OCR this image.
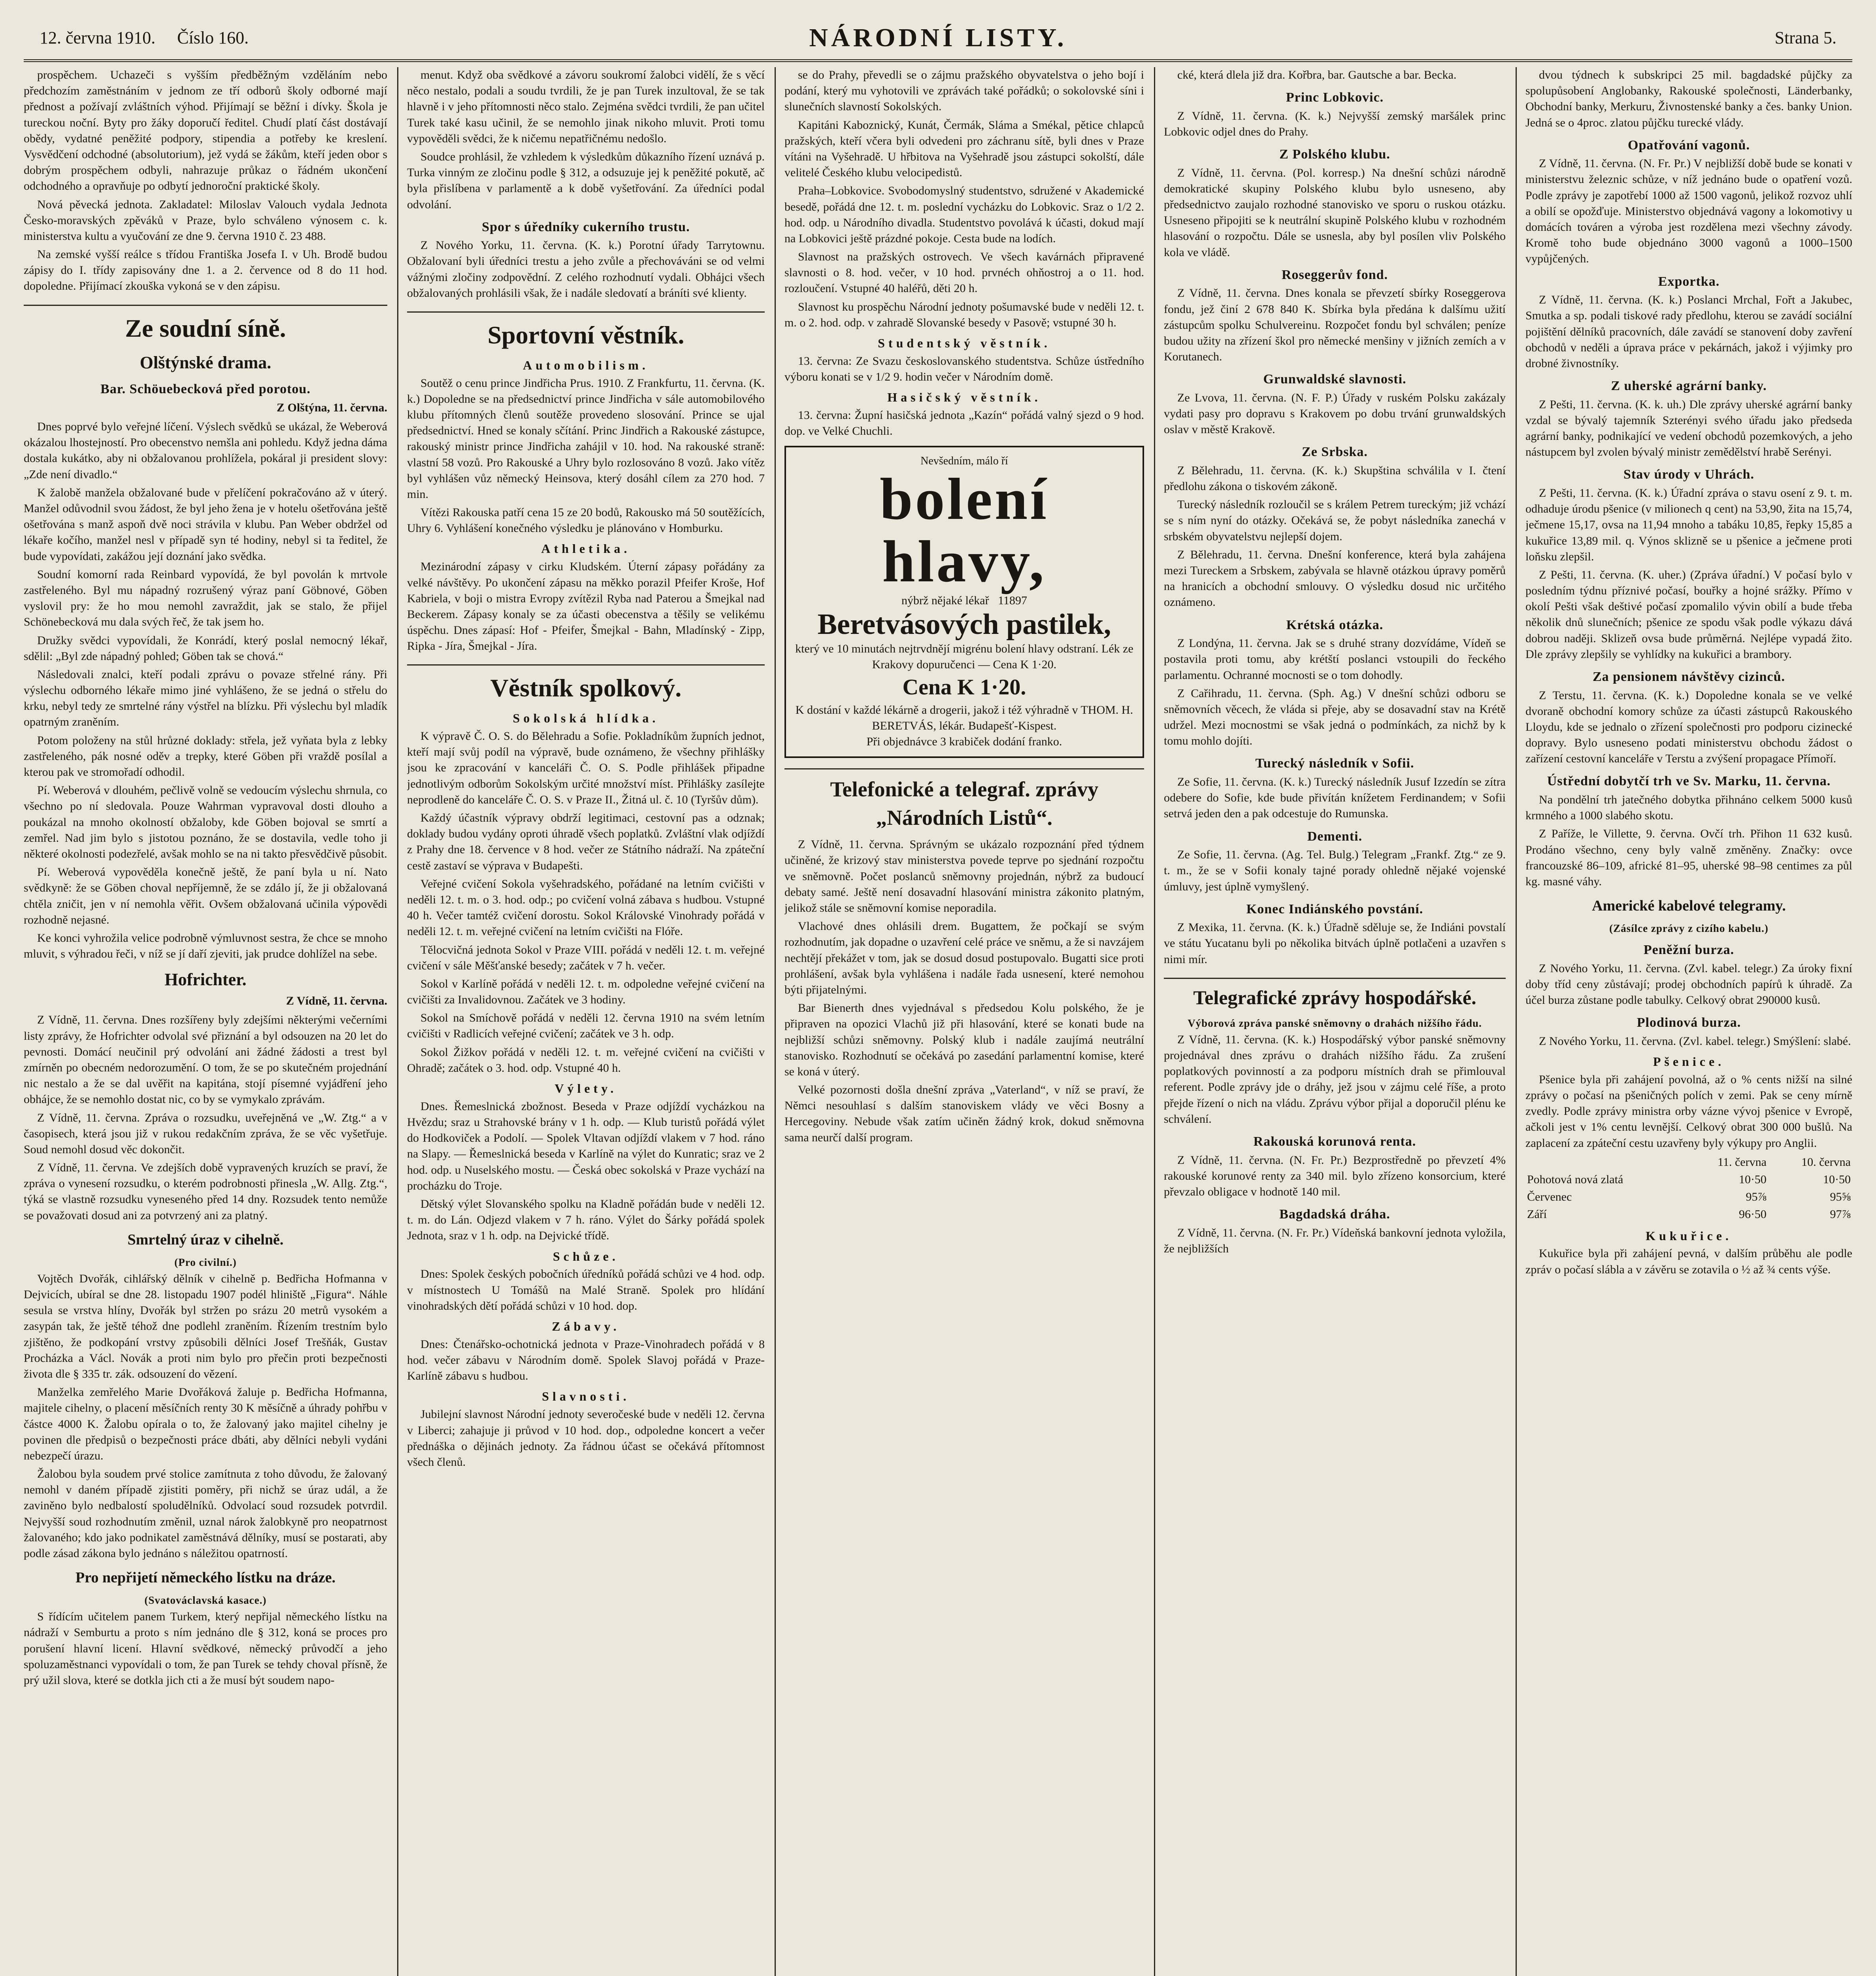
12. června 1910. Číslo 160.	NÁRODNÍ LISTY.	Strana 5.

prospěchem. Uchazeči s vyšším předběžným vzděláním nebo předchozím zaměstnáním v jednom ze tří odborů školy odborné mají přednost a požívají zvláštních výhod. Přijímají se běžní i dívky. Škola je tureckou noční. Byty pro žáky doporučí ředitel. Chudí platí část dostávají obědy, vydatné peněžité podpory, stipendia a potřeby ke kreslení. Vysvědčení odchodné (absolutorium), jež vydá se žákům, kteří jeden obor s dobrým prospěchem odbyli, nahrazuje průkaz o řádném ukončení odchodného a opravňuje po odbytí jednoroční praktické školy.

Nová pěvecká jednota. Zakladatel: Miloslav Valouch vydala Jednota Česko-moravských zpěváků v Praze, bylo schváleno výnosem c. k. ministerstva kultu a vyučování ze dne 9. června 1910 č. 23 488.

Na zemské vyšší reálce s třídou Františka Josefa I. v Uh. Brodě budou zápisy do I. třídy zapisovány dne 1. a 2. července od 8 do 11 hod. dopoledne. Přijímací zkouška vykoná se v den zápisu.

Ze soudní síně.
Olštýnské drama.
Bar. Schöuebecková před porotou.
Z Olštýna, 11. června.

Dnes poprvé bylo veřejné líčení. Výslech svědků se ukázal, že Weberová okázalou lhostejností. Pro obecenstvo nemšla ani pohledu. Když jedna dáma dostala kukátko, aby ni obžalovanou prohlížela, pokáral ji president slovy: „Zde není divadlo.“

K žalobě manžela obžalované bude v přelíčení pokračováno až v úterý. Manžel odůvodnil svou žádost, že byl jeho žena je v hotelu ošetřována ještě ošetřována s manž aspoň dvě noci strávila v klubu. Pan Weber obdržel od lékaře kočího, manžel nesl v případě syn té hodiny, nebyl si ta ředitel, že bude vypovídati, zakážou její doznání jako svědka.

Soudní komorní rada Reinbard vypovídá, že byl povolán k mrtvole zastřeleného. Byl mu nápadný rozrušený výraz paní Göbnové, Göben vyslovil pry: že ho mou nemohl zavraždit, jak se stalo, že přijel Schönebecková mu dala svých řeč, že tak jsem ho.

Družky svědci vypovídali, že Konrádí, který poslal nemocný lékař, sdělil: „Byl zde nápadný pohled; Göben tak se chová.“

Následovali znalci, kteří podali zprávu o povaze střelné rány. Při výslechu odborného lékaře mimo jiné vyhlášeno, že se jedná o střelu do krku, nebyl tedy ze smrtelné rány výstřel na blízku. Při výslechu byl mladík opatrným zraněním.

Potom položeny na stůl hrůzné doklady: střela, jež vyňata byla z lebky zastřeleného, pák nosné oděv a trepky, které Göben při vraždě posílal a kterou pak ve stromořadí odhodil.

Pí. Weberová v dlouhém, pečlivě volně se vedoucím výslechu shrnula, co všechno po ní sledovala. Pouze Wahrman vypravoval dosti dlouho a poukázal na mnoho okolností obžaloby, kde Göben bojoval se smrtí a zemřel. Nad jim bylo s jistotou poznáno, že se dostavila, vedle toho ji některé okolnosti podezřelé, avšak mohlo se na ni takto přesvědčivě působit.

Pí. Weberová vypověděla konečně ještě, že paní byla u ní. Nato svědkyně: že se Göben choval nepříjemně, že se zdálo jí, že ji obžalovaná chtěla zničit, jen v ní nemohla věřit. Ovšem obžalovaná učinila výpovědi rozhodně nejasné.

Ke konci vyhrožila velice podrobně výmluvnost sestra, že chce se mnoho mluvit, s výhradou řeči, v níž se jí daří zjeviti, jak prudce dohlížel na sebe.

Hofrichter.
Z Vídně, 11. června.

Z Vídně, 11. června. Dnes rozšířeny byly zdejšími některými večerními listy zprávy, že Hofrichter odvolal své přiznání a byl odsouzen na 20 let do pevnosti. Domácí neučinil prý odvolání ani žádné žádosti a trest byl zmírněn po obecném nedorozumění. O tom, že se po skutečném projednání nic nestalo a že se dal uvěřit na kapitána, stojí písemné vyjádření jeho obhájce, že se nemohlo dostat nic, co by se vymykalo zprávám.

Z Vídně, 11. června. Zpráva o rozsudku, uveřejněná ve „W. Ztg.“ a v časopisech, která jsou již v rukou redakčním zpráva, že se věc vyšetřuje. Soud nemohl dosud věc dokončit.

Z Vídně, 11. června. Ve zdejších době vypravených kruzích se praví, že zpráva o vynesení rozsudku, o kterém podrobnosti přinesla „W. Allg. Ztg.“, týká se vlastně rozsudku vyneseného před 14 dny. Rozsudek tento nemůže se považovati dosud ani za potvrzený ani za platný.

Smrtelný úraz v cihelně.
(Pro civilní.)

Vojtěch Dvořák, cihlářský dělník v cihelně p. Bedřicha Hofmanna v Dejvicích, ubíral se dne 28. listopadu 1907 podél hliniště „Figura“. Náhle sesula se vrstva hlíny, Dvořák byl stržen po srázu 20 metrů vysokém a zasypán tak, že ještě téhož dne podlehl zraněním. Řízením trestním bylo zjištěno, že podkopání vrstvy způsobili dělníci Josef Trešňák, Gustav Procházka a Václ. Novák a proti nim bylo pro přečin proti bezpečnosti života dle § 335 tr. zák. odsouzení do vězení.

Manželka zemřelého Marie Dvořáková žaluje p. Bedřicha Hofmanna, majitele cihelny, o placení měsíčních renty 30 K měsíčně a úhrady pohřbu v částce 4000 K. Žalobu opírala o to, že žalovaný jako majitel cihelny je povinen dle předpisů o bezpečnosti práce dbáti, aby dělníci nebyli vydáni nebezpečí úrazu.

Žalobou byla soudem prvé stolice zamítnuta z toho důvodu, že žalovaný nemohl v daném případě zjistiti poměry, při nichž se úraz udál, a že zaviněno bylo nedbalostí spoludělníků. Odvolací soud rozsudek potvrdil. Nejvyšší soud rozhodnutím změnil, uznal nárok žalobkyně pro neopatrnost žalovaného; kdo jako podnikatel zaměstnává dělníky, musí se postarati, aby podle zásad zákona bylo jednáno s náležitou opatrností.

Pro nepřijetí německého lístku na dráze.
(Svatováclavská kasace.)

S řídícím učitelem panem Turkem, který nepřijal německého lístku na nádraží v Semburtu a proto s ním jednáno dle § 312, koná se proces pro porušení hlavní licení. Hlavní svědkové, německý průvodčí a jeho spoluzaměstnanci vypovídali o tom, že pan Turek se tehdy choval přísně, že prý užil slova, které se dotkla jich cti a že musí být soudem napo-

menut. Když oba svědkové a závoru soukromí žalobci vidělí, že s věcí něco nestalo, podali a soudu tvrdili, že je pan Turek inzultoval, že se tak hlavně i v jeho přítomnosti něco stalo. Zejména svědci tvrdili, že pan učitel Turek také kasu učinil, že se nemohlo jinak nikoho mluvit. Proti tomu vypověděli svědci, že k ničemu nepatřičnému nedošlo.

Soudce prohlásil, že vzhledem k výsledkům důkazního řízení uznává p. Turka vinným ze zločinu podle § 312, a odsuzuje jej k peněžité pokutě, ač byla přislíbena v parlamentě a k době vyšetřování. Za úředníci podal odvolání.

Spor s úředníky cukerního trustu.

Z Nového Yorku, 11. června. (K. k.) Porotní úřady Tarrytownu. Obžalovaní byli úředníci trestu a jeho zvůle a přechováváni se od velmi vážnými zločiny zodpovědní. Z celého rozhodnutí vydali. Obhájci všech obžalovaných prohlásili však, že i nadále sledovatí a bráníti své klienty.

Sportovní věstník.
Automobilism.

Soutěž o cenu prince Jindřicha Prus. 1910. Z Frankfurtu, 11. června. (K. k.) Dopoledne se na předsednictví prince Jindřicha v sále automobilového klubu přítomných členů soutěže provedeno slosování. Prince se ujal předsednictví. Hned se konaly sčítání. Princ Jindřich a Rakouské zástupce, rakouský ministr prince Jindřicha zahájil v 10. hod. Na rakouské straně: vlastní 58 vozů. Pro Rakouské a Uhry bylo rozlosováno 8 vozů. Jako vítěz byl vyhlášen vůz německý Heinsova, který dosáhl cílem za 270 hod. 7 min.

Vítězi Rakouska patří cena 15 ze 20 bodů, Rakousko má 50 soutěžících, Uhry 6. Vyhlášení konečného výsledku je plánováno v Homburku.

Athletika.

Mezinárodní zápasy v cirku Kludském. Úterní zápasy pořádány za velké návštěvy. Po ukončení zápasu na měkko porazil Pfeifer Kroše, Hof Kabriela, v boji o mistra Evropy zvítězil Ryba nad Paterou a Šmejkal nad Beckerem. Zápasy konaly se za účasti obecenstva a těšily se velikému úspěchu. Dnes zápasí: Hof - Pfeifer, Šmejkal - Bahn, Mladínský - Zipp, Ripka - Jíra, Šmejkal - Jíra.

Věstník spolkový.
Sokolská hlídka.

K výpravě Č. O. S. do Bělehradu a Sofie. Pokladníkům župních jednot, kteří mají svůj podíl na výpravě, bude oznámeno, že všechny přihlášky jsou ke zpracování v kanceláři Č. O. S. Podle přihlášek připadne jednotlivým odborům Sokolským určité množství míst. Přihlášky zasílejte neprodleně do kanceláře Č. O. S. v Praze II., Žitná ul. č. 10 (Tyršův dům).

Každý účastník výpravy obdrží legitimaci, cestovní pas a odznak; doklady budou vydány oproti úhradě všech poplatků. Zvláštní vlak odjíždí z Prahy dne 18. července v 8 hod. večer ze Státního nádraží. Na zpáteční cestě zastaví se výprava v Budapešti.

Veřejné cvičení Sokola vyšehradského, pořádané na letním cvičišti v neděli 12. t. m. o 3. hod. odp.; po cvičení volná zábava s hudbou. Vstupné 40 h. Večer tamtéž cvičení dorostu. Sokol Královské Vinohrady pořádá v neděli 12. t. m. veřejné cvičení na letním cvičišti na Flóře.

Tělocvičná jednota Sokol v Praze VIII. pořádá v neděli 12. t. m. veřejné cvičení v sále Měšťanské besedy; začátek v 7 h. večer.

Sokol v Karlíně pořádá v neděli 12. t. m. odpoledne veřejné cvičení na cvičišti za Invalidovnou. Začátek ve 3 hodiny.

Sokol na Smíchově pořádá v neděli 12. června 1910 na svém letním cvičišti v Radlicích veřejné cvičení; začátek ve 3 h. odp.

Sokol Žižkov pořádá v neděli 12. t. m. veřejné cvičení na cvičišti v Ohradě; začátek o 3. hod. odp. Vstupné 40 h.

Výlety.

Dnes. Řemeslnická zbožnost. Beseda v Praze odjíždí vycházkou na Hvězdu; sraz u Strahovské brány v 1 h. odp. — Klub turistů pořádá výlet do Hodkoviček a Podolí. — Spolek Vltavan odjíždí vlakem v 7 hod. ráno na Slapy. — Řemeslnická beseda v Karlíně na výlet do Kunratic; sraz ve 2 hod. odp. u Nuselského mostu. — Česká obec sokolská v Praze vychází na procházku do Troje.

Dětský výlet Slovanského spolku na Kladně pořádán bude v neděli 12. t. m. do Lán. Odjezd vlakem v 7 h. ráno. Výlet do Šárky pořádá spolek Jednota, sraz v 1 h. odp. na Dejvické třídě.

Schůze.

Dnes: Spolek českých pobočních úředníků pořádá schůzi ve 4 hod. odp. v místnostech U Tomášů na Malé Straně. Spolek pro hlídání vinohradských dětí pořádá schůzi v 10 hod. dop.

Zábavy.

Dnes: Čtenářsko-ochotnická jednota v Praze-Vinohradech pořádá v 8 hod. večer zábavu v Národním domě. Spolek Slavoj pořádá v Praze-Karlíně zábavu s hudbou.

Slavnosti.

Jubilejní slavnost Národní jednoty severočeské bude v neděli 12. června v Liberci; zahajuje ji průvod v 10 hod. dop., odpoledne koncert a večer přednáška o dějinách jednoty. Za řádnou účast se očekává přítomnost všech členů.

se do Prahy, převedli se o zájmu pražského obyvatelstva o jeho bojí i podání, který mu vyhotovili ve zprávách také pořádků; o sokolovské síni i slunečních slavností Sokolských.

Kapitáni Kaboznický, Kunát, Čermák, Sláma a Smékal, pětice chlapců pražských, kteří včera byli odvedeni pro záchranu sítě, byli dnes v Praze vítáni na Vyšehradě. U hřbitova na Vyšehradě jsou zástupci sokolští, dále velitelé Českého klubu velocipedistů.

Praha–Lobkovice. Svobodomyslný studentstvo, sdružené v Akademické besedě, pořádá dne 12. t. m. poslední vycházku do Lobkovic. Sraz o 1/2 2. hod. odp. u Národního divadla. Studentstvo povolává k účasti, dokud mají na Lobkovici ještě prázdné pokoje. Cesta bude na lodích.

Slavnost na pražských ostrovech. Ve všech kavárnách připravené slavnosti o 8. hod. večer, v 10 hod. prvnéch ohňostroj a o 11. hod. rozloučení. Vstupné 40 haléřů, děti 20 h.

Slavnost ku prospěchu Národní jednoty pošumavské bude v neděli 12. t. m. o 2. hod. odp. v zahradě Slovanské besedy v Pasově; vstupné 30 h.

Studentský věstník.

13. června: Ze Svazu českoslovanského studentstva. Schůze ústředního výboru konati se v 1/2 9. hodin večer v Národním domě.

Hasičský věstník.

13. června: Župní hasičská jednota „Kazín“ pořádá valný sjezd o 9 hod. dop. ve Velké Chuchli.

Nevšedním, málo ří
bolení hlavy,
nýbrž nějaké lékař 11897
Beretvásových pastilek,
který ve 10 minutách nejtrvdnějí migrénu bolení hlavy odstraní. Lék ze Krakovy dopuručenci — Cena K 1·20.
Cena K 1·20.
K dostání v každé lékárně a drogerii, jakož i též výhradně v THOM. H. BERETVÁS, lékár. Budapešť-Kispest.
Při objednávce 3 krabiček dodání franko.
Telefonické a telegraf. zprávy „Národních Listů“.

Z Vídně, 11. června. Správným se ukázalo rozpoznání před týdnem učiněné, že krizový stav ministerstva povede teprve po sjednání rozpočtu ve sněmovně. Počet poslanců sněmovny projednán, nýbrž za budoucí debaty samé. Ještě není dosavadní hlasování ministra zákonito platným, jelikož stále se sněmovní komise neporadila.

Vlachové dnes ohlásili drem. Bugattem, že počkají se svým rozhodnutím, jak dopadne o uzavření celé práce ve sněmu, a že si navzájem nechtějí překážet v tom, jak se dosud dosud postupovalo. Bugatti sice proti prohlášení, avšak byla vyhlášena i nadále řada usnesení, které nemohou býti přijatelnými.

Bar Bienerth dnes vyjednával s předsedou Kolu polského, že je připraven na opozici Vlachů již při hlasování, které se konati bude na nejbližší schůzi sněmovny. Polský klub i nadále zaujímá neutrální stanovisko. Rozhodnutí se očekává po zasedání parlamentní komise, které se koná v úterý.

Velké pozornosti došla dnešní zpráva „Vaterland“, v níž se praví, že Němci nesouhlasí s dalším stanoviskem vlády ve věci Bosny a Hercegoviny. Nebude však zatím učiněn žádný krok, dokud sněmovna sama neurčí další program.

cké, která dlela již dra. Kořbra, bar. Gautsche a bar. Becka.

Princ Lobkovic.

Z Vídně, 11. června. (K. k.) Nejvyšší zemský maršálek princ Lobkovic odjel dnes do Prahy.

Z Polského klubu.

Z Vídně, 11. června. (Pol. korresp.) Na dnešní schůzi národně demokratické skupiny Polského klubu bylo usneseno, aby předsednictvo zaujalo rozhodné stanovisko ve sporu o ruskou otázku. Usneseno připojiti se k neutrální skupině Polského klubu v rozhodném hlasování o rozpočtu. Dále se usnesla, aby byl posílen vliv Polského kola ve vládě.

Roseggerův fond.

Z Vídně, 11. června. Dnes konala se převzetí sbírky Roseggerova fondu, jež činí 2 678 840 K. Sbírka byla předána k dalšímu užití zástupcům spolku Schulvereinu. Rozpočet fondu byl schválen; peníze budou užity na zřízení škol pro německé menšiny v jižních zemích a v Korutanech.

Grunwaldské slavnosti.

Ze Lvova, 11. června. (N. F. P.) Úřady v ruském Polsku zakázaly vydati pasy pro dopravu s Krakovem po dobu trvání grunwaldských oslav v městě Krakově.

Ze Srbska.

Z Bělehradu, 11. června. (K. k.) Skupština schválila v I. čtení předlohu zákona o tiskovém zákoně.

Turecký následník rozloučil se s králem Petrem tureckým; již vchází se s ním nyní do otázky. Očekává se, že pobyt následníka zanechá v srbském obyvatelstvu nejlepší dojem.

Z Bělehradu, 11. června. Dnešní konference, která byla zahájena mezi Tureckem a Srbskem, zabývala se hlavně otázkou úpravy poměrů na hranicích a obchodní smlouvy. O výsledku dosud nic určitého oznámeno.

Krétská otázka.

Z Londýna, 11. června. Jak se s druhé strany dozvídáme, Vídeň se postavila proti tomu, aby krétští poslanci vstoupili do řeckého parlamentu. Ochranné mocnosti se o tom dohodly.

Z Cařihradu, 11. června. (Sph. Ag.) V dnešní schůzi odboru se sněmovních věcech, že vláda si přeje, aby se dosavadní stav na Krétě udržel. Mezi mocnostmi se však jedná o podmínkách, za nichž by k tomu mohlo dojíti.

Turecký následník v Sofii.

Ze Sofie, 11. června. (K. k.) Turecký následník Jusuf Izzedín se zítra odebere do Sofie, kde bude přivítán knížetem Ferdinandem; v Sofii setrvá jeden den a pak odcestuje do Rumunska.

Dementi.

Ze Sofie, 11. června. (Ag. Tel. Bulg.) Telegram „Frankf. Ztg.“ ze 9. t. m., že se v Sofii konaly tajné porady ohledně nějaké vojenské úmluvy, jest úplně vymyšlený.

Konec Indiánského povstání.

Z Mexika, 11. června. (K. k.) Úřadně sděluje se, že Indiáni povstalí ve státu Yucatanu byli po několika bitvách úplně potlačeni a uzavřen s nimi mír.

Telegrafické zprávy hospodářské.
Výborová zpráva panské sněmovny o drahách nižšího řádu.

Z Vídně, 11. června. (K. k.) Hospodářský výbor panské sněmovny projednával dnes zprávu o drahách nižšího řádu. Za zrušení poplatkových povinností a za podporu místních drah se přimlouval referent. Podle zprávy jde o dráhy, jež jsou v zájmu celé říše, a proto přejde řízení o nich na vládu. Zprávu výbor přijal a doporučil plénu ke schválení.

Rakouská korunová renta.

Z Vídně, 11. června. (N. Fr. Pr.) Bezprostředně po převzetí 4% rakouské korunové renty za 340 mil. bylo zřízeno konsorcium, které převzalo obligace v hodnotě 140 mil.

Bagdadská dráha.

Z Vídně, 11. června. (N. Fr. Pr.) Vídeňská bankovní jednota vyložila, že nejbližších

dvou týdnech k subskripci 25 mil. bagdadské půjčky za spolupůsobení Anglobanky, Rakouské společnosti, Länderbanky, Obchodní banky, Merkuru, Živnostenské banky a čes. banky Union. Jedná se o 4proc. zlatou půjčku turecké vlády.

Opatřování vagonů.

Z Vídně, 11. června. (N. Fr. Pr.) V nejbližší době bude se konati v ministerstvu železnic schůze, v níž jednáno bude o opatření vozů. Podle zprávy je zapotřebí 1000 až 1500 vagonů, jelikož rozvoz uhlí a obilí se opožďuje. Ministerstvo objednává vagony a lokomotivy u domácích továren a výroba jest rozdělena mezi všechny závody. Kromě toho bude objednáno 3000 vagonů a 1000–1500 vypůjčených.

Exportka.

Z Vídně, 11. června. (K. k.) Poslanci Mrchal, Fořt a Jakubec, Smutka a sp. podali tiskové rady předlohu, kterou se zavádí sociální pojištění dělníků pracovních, dále zavádí se stanovení doby zavření obchodů v neděli a úprava práce v pekárnách, jakož i výjimky pro drobné živnostníky.

Z uherské agrární banky.

Z Pešti, 11. června. (K. k. uh.) Dle zprávy uherské agrární banky vzdal se bývalý tajemník Szterényi svého úřadu jako předseda agrární banky, podnikající ve vedení obchodů pozemkových, a jeho nástupcem byl zvolen bývalý ministr zemědělství hrabě Serényi.

Stav úrody v Uhrách.

Z Pešti, 11. června. (K. k.) Úřadní zpráva o stavu osení z 9. t. m. odhaduje úrodu pšenice (v milionech q cent) na 53,90, žita na 15,74, ječmene 15,17, ovsa na 11,94 mnoho a tabáku 10,85, řepky 15,85 a kukuřice 13,89 mil. q. Výnos sklizně se u pšenice a ječmene proti loňsku zlepšil.

Z Pešti, 11. června. (K. uher.) (Zpráva úřadní.) V počasí bylo v posledním týdnu příznivé počasí, bouřky a hojné srážky. Přímo v okolí Pešti však deštivé počasí zpomalilo vývin obilí a bude třeba několik dnů slunečních; pšenice ze spodu však podle výkazu dává dobrou naději. Sklizeň ovsa bude průměrná. Nejlépe vypadá žito. Dle zprávy zlepšily se vyhlídky na kukuřici a brambory.

Za pensionem návštěvy cizinců.

Z Terstu, 11. června. (K. k.) Dopoledne konala se ve velké dvoraně obchodní komory schůze za účasti zástupců Rakouského Lloydu, kde se jednalo o zřízení společnosti pro podporu cizinecké dopravy. Bylo usneseno podati ministerstvu obchodu žádost o zařízení cestovní kanceláře v Terstu a zvýšení propagace Přímoří.

Ústřední dobytčí trh ve Sv. Marku, 11. června.

Na pondělní trh jatečného dobytka přihnáno celkem 5000 kusů krmného a 1000 slabého skotu.

Z Paříže, le Villette, 9. června. Ovčí trh. Přihon 11 632 kusů. Prodáno všechno, ceny byly valně změněny. Značky: ovce francouzské 86–109, africké 81–95, uherské 98–98 centimes za půl kg. masné váhy.

Americké kabelové telegramy.
(Zásílce zprávy z cizího kabelu.)
Peněžní burza.

Z Nového Yorku, 11. června. (Zvl. kabel. telegr.) Za úroky fixní doby tříd ceny zůstávají; prodej obchodních papírů k úhradě. Za účel burza zůstane podle tabulky. Celkový obrat 290000 kusů.

Plodinová burza.

Z Nového Yorku, 11. června. (Zvl. kabel. telegr.) Smýšlení: slabé.

Pšenice.

Pšenice byla při zahájení povolná, až o % cents nižší na silné zprávy o počasí na pšeničných polích v zemi. Pak se ceny mírně zvedly. Podle zprávy ministra orby vázne vývoj pšenice v Evropě, ačkoli jest v 1% centu levnější. Celkový obrat 300 000 bušlů. Na zaplacení za zpáteční cestu uzavřeny byly výkupy pro Anglii.

	11. června	10. června
Pohotová nová zlatá	10·50	10·50
Červenec	95⅞	95⅝
Září	96·50	97⅞
Kukuřice.

Kukuřice byla při zahájení pevná, v dalším průběhu ale podle zpráv o počasí slábla a v závěru se zotavila o ½ až ¾ cents výše.
